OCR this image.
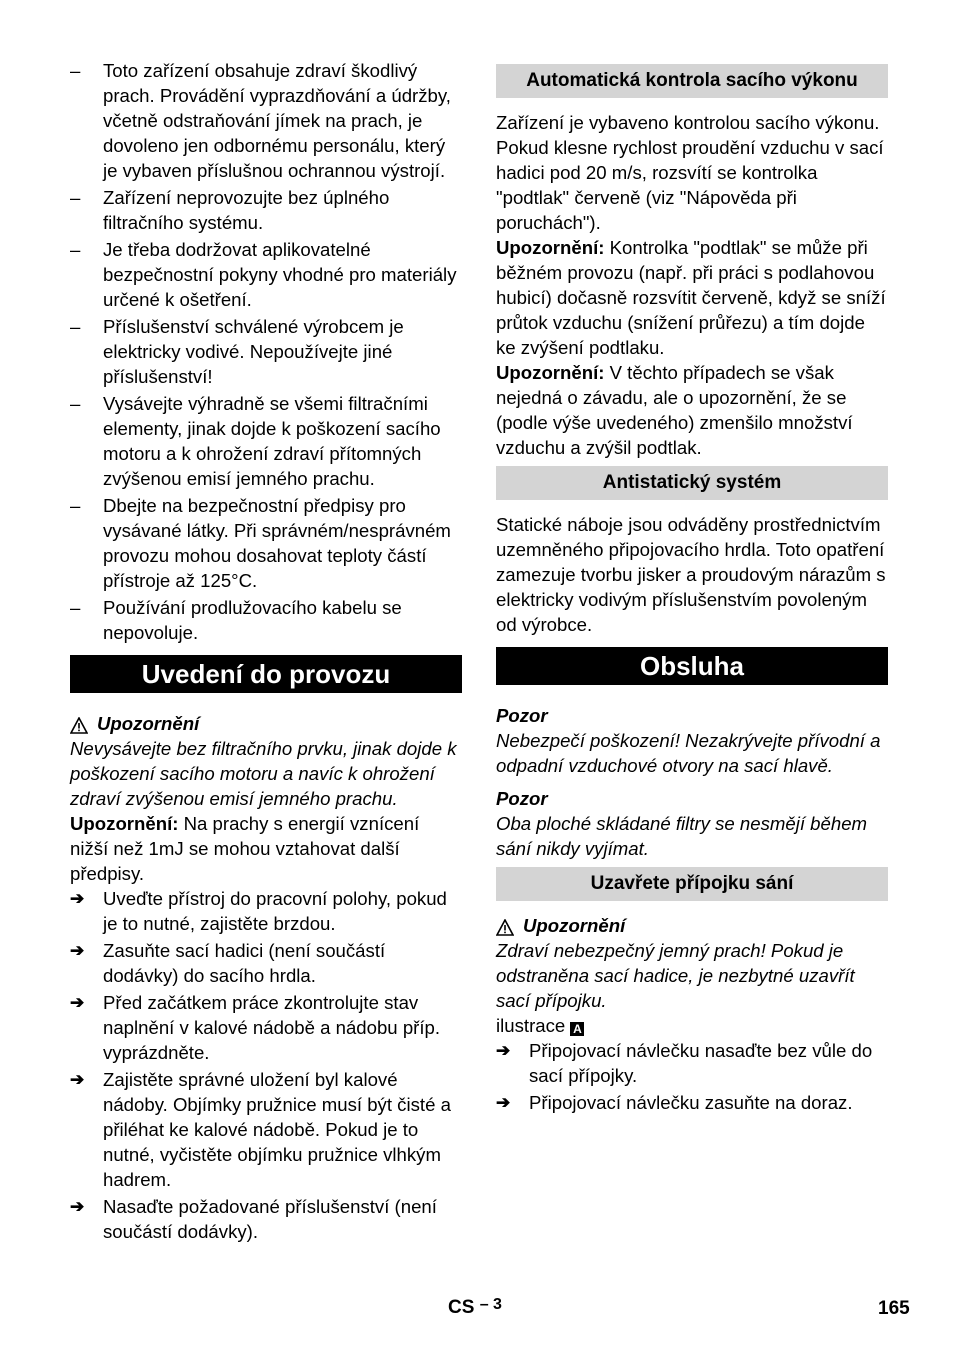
– Toto zařízení obsahuje zdraví škodlivý prach. Provádění vyprazdňování a údržby, včetně odstraňování jímek na prach, je dovoleno jen odbornému personálu, který je vybaven příslušnou ochrannou výstrojí.
– Zařízení neprovozujte bez úplného filtračního systému.
– Je třeba dodržovat aplikovatelné bezpečnostní pokyny vhodné pro materiály určené k ošetření.
– Příslušenství schválené výrobcem je elektricky vodivé. Nepoužívejte jiné příslušenství!
– Vysávejte výhradně se všemi filtračními elementy, jinak dojde k poškození sacího motoru a k ohrožení zdraví přítomných zvýšenou emisí jemného prachu.
– Dbejte na bezpečnostní předpisy pro vysávané látky. Při správném/nesprávném provozu mohou dosahovat teploty částí přístroje až 125°C.
– Používání prodlužovacího kabelu se nepovoluje.
Uvedení do provozu
Upozornění

Nevysávejte bez filtračního prvku, jinak dojde k poškození sacího motoru a navíc k ohrožení zdraví zvýšenou emisí jemného prachu.

Upozornění: Na prachy s energií vznícení nižší než 1mJ se mohou vztahovat další předpisy.

➔ Uveďte přístroj do pracovní polohy, pokud je to nutné, zajistěte brzdou.
➔ Zasuňte sací hadici (není součástí dodávky) do sacího hrdla.
➔ Před začátkem práce zkontrolujte stav naplnění v kalové nádobě a nádobu příp. vyprázdněte.
➔ Zajistěte správné uložení byl kalové nádoby. Objímky pružnice musí být čisté a přiléhat ke kalové nádobě. Pokud je to nutné, vyčistěte objímku pružnice vlhkým hadrem.
➔ Nasaďte požadované příslušenství (není součástí dodávky).
Automatická kontrola sacího výkonu

Zařízení je vybaveno kontrolou sacího výkonu. Pokud klesne rychlost proudění vzduchu v sací hadici pod 20 m/s, rozsvítí se kontrolka "podtlak" červeně (viz "Nápověda při poruchách").

Upozornění: Kontrolka "podtlak" se může při běžném provozu (např. při práci s podlahovou hubicí) dočasně rozsvítit červeně, když se sníží průtok vzduchu (snížení průřezu) a tím dojde ke zvýšení podtlaku.

Upozornění: V těchto případech se však nejedná o závadu, ale o upozornění, že se (podle výše uvedeného) zmenšilo množství vzduchu a zvýšil podtlak.

Antistatický systém

Statické náboje jsou odváděny prostřednictvím uzemněného připojovacího hrdla. Toto opatření zamezuje tvorbu jisker a proudovým nárazům s elektricky vodivým příslušenstvím povoleným od výrobce.

Obsluha

Pozor

Nebezpečí poškození! Nezakrývejte přívodní a odpadní vzduchové otvory na sací hlavě.

Pozor

Oba ploché skládané filtry se nesmějí během sání nikdy vyjímat.

Uzavřete přípojku sání
Upozornění

Zdraví nebezpečný jemný prach! Pokud je odstraněna sací hadice, je nezbytné uzavřít sací přípojku.

ilustrace A

➔ Připojovací návlečku nasaďte bez vůle do sací přípojky.
➔ Připojovací návlečku zasuňte na doraz.
CS $^{- 3}$	165
